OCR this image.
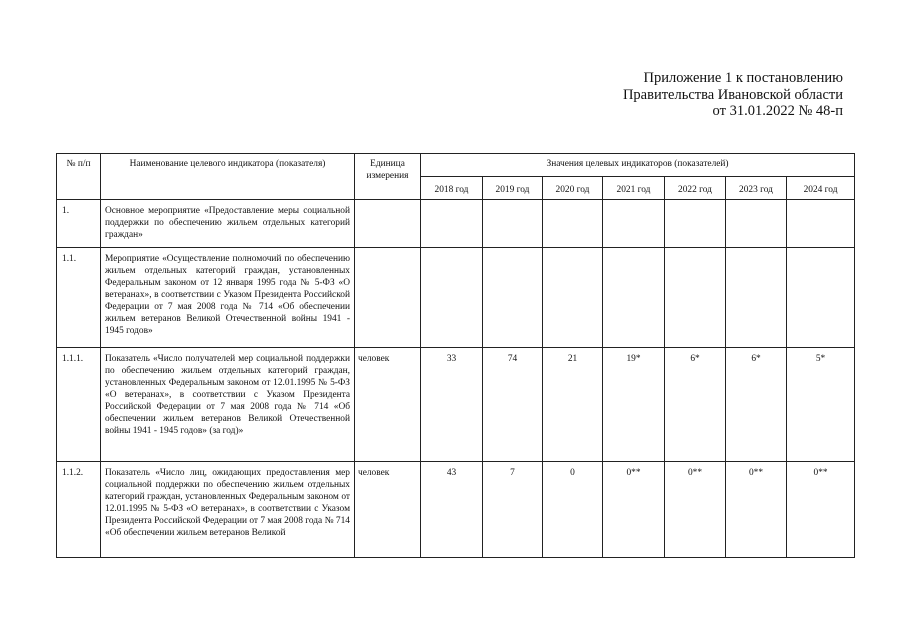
Приложение 1 к постановлению
Правительства Ивановской области
от 31.01.2022 № 48-п
№ п/п	Наименование целевого индикатора (показателя)	Единица измерения	Значения целевых индикаторов (показателей)						
			2018 год	2019 год	2020 год	2021 год	2022 год	2023 год	2024 год
1.	Основное мероприятие «Предоставление меры социальной поддержки по обеспечению жильем отдельных категорий граждан»								
1.1.	Мероприятие «Осуществление полномочий по обеспечению жильем отдельных категорий граждан, установленных Федеральным законом от 12 января 1995 года № 5-ФЗ «О ветеранах», в соответствии с Указом Президента Российской Федерации от 7 мая 2008 года № 714 «Об обеспечении жильем ветеранов Великой Отечественной войны 1941 - 1945 годов»								
1.1.1.	Показатель «Число получателей мер социальной поддержки по обеспечению жильем отдельных категорий граждан, установленных Федеральным законом от 12.01.1995 № 5-ФЗ «О ветеранах», в соответствии с Указом Президента Российской Федерации от 7 мая 2008 года № 714 «Об обеспечении жильем ветеранов Великой Отечественной войны 1941 - 1945 годов» (за год)»	человек	33	74	21	19*	6*	6*	5*
1.1.2.	Показатель «Число лиц, ожидающих предоставления мер социальной поддержки по обеспечению жильем отдельных категорий граждан, установленных Федеральным законом от 12.01.1995 № 5-ФЗ «О ветеранах», в соответствии с Указом Президента Российской Федерации от 7 мая 2008 года № 714 «Об обеспечении жильем ветеранов Великой	человек	43	7	0	0**	0**	0**	0**
